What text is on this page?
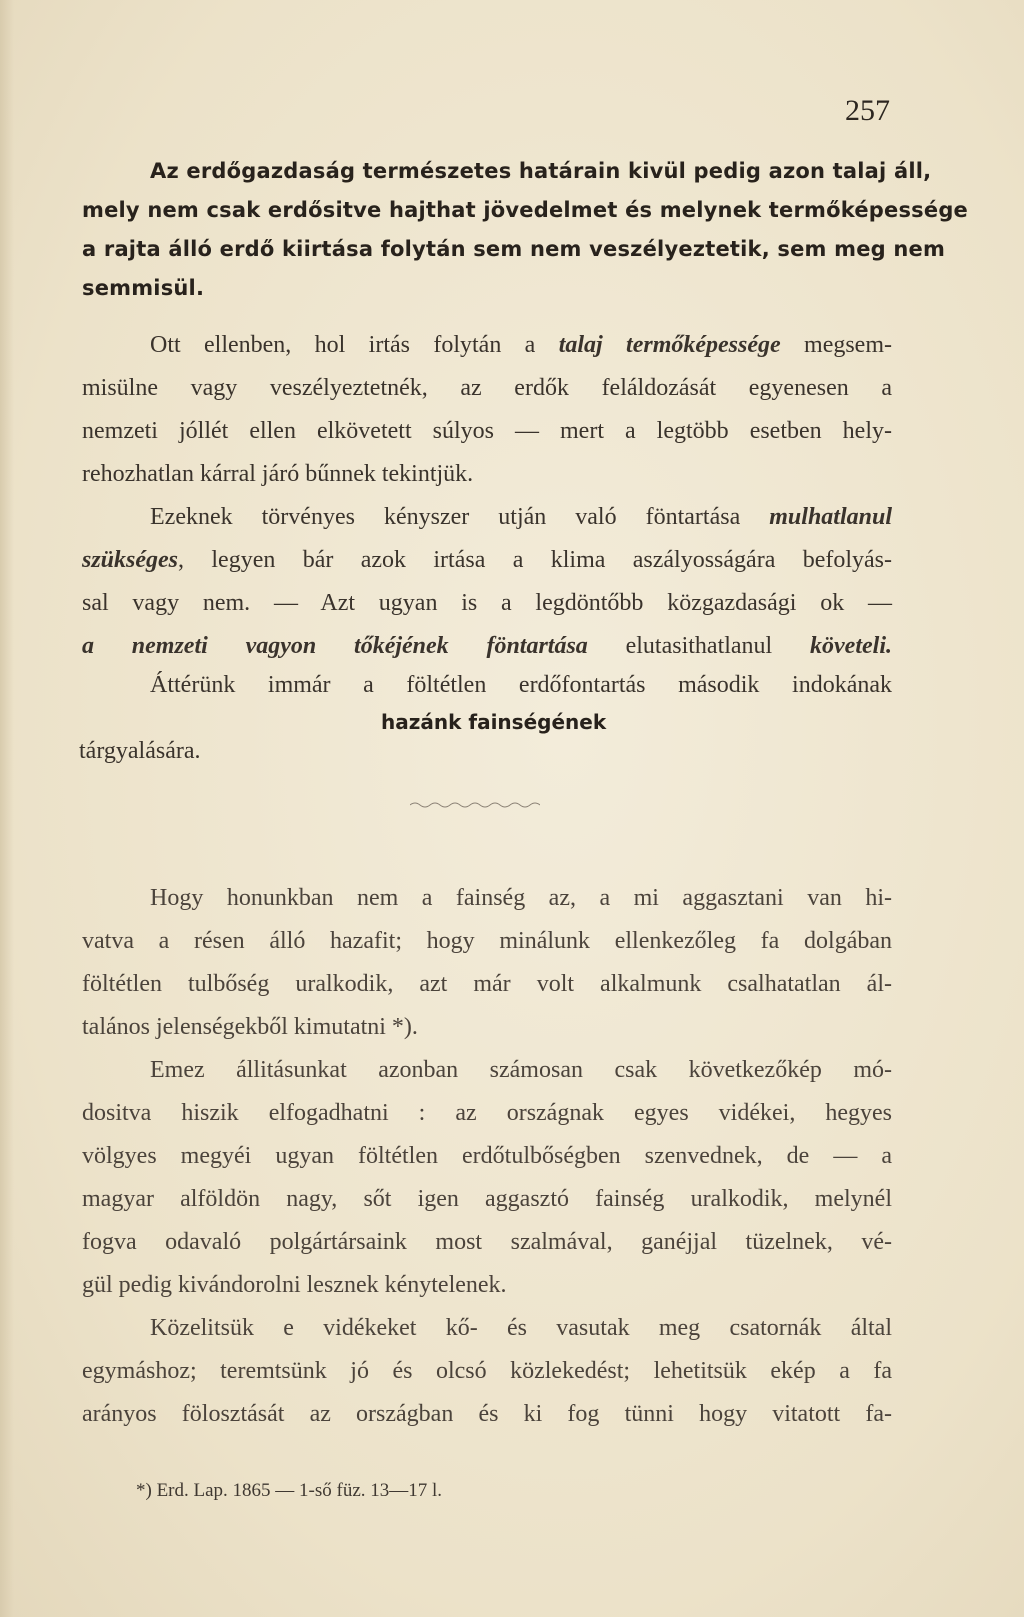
257
Az erdőgazdaság természetes határain kivül pedig azon talaj áll,
mely nem csak erdősitve hajthat jövedelmet és melynek termőképessége
a rajta álló erdő kiirtása folytán sem nem veszélyeztetik, sem meg nem
semmisül.
Ott ellenben, hol irtás folytán a talaj termőképessége megsem-
misülne vagy veszélyeztetnék, az erdők feláldozását egyenesen a
nemzeti jóllét ellen elkövetett súlyos — mert a legtöbb esetben hely-
rehozhatlan kárral járó bűnnek tekintjük.
Ezeknek törvényes kényszer utján való föntartása mulhatlanul
szükséges, legyen bár azok irtása a klima aszályosságára befolyás-
sal vagy nem. — Azt ugyan is a legdöntőbb közgazdasági ok —
a nemzeti vagyon tőkéjének föntartása elutasithatlanul követeli.
Áttérünk immár a föltétlen erdőfontartás második indokának
hazánk fainségének
tárgyalására.
Hogy honunkban nem a fainség az, a mi aggasztani van hi-
vatva a résen álló hazafit; hogy minálunk ellenkezőleg fa dolgában
föltétlen tulbőség uralkodik, azt már volt alkalmunk csalhatatlan ál-
talános jelenségekből kimutatni *).
Emez állitásunkat azonban számosan csak következőkép mó-
dositva hiszik elfogadhatni : az országnak egyes vidékei, hegyes
völgyes megyéi ugyan föltétlen erdőtulbőségben szenvednek, de — a
magyar alföldön nagy, sőt igen aggasztó fainség uralkodik, melynél
fogva odavaló polgártársaink most szalmával, ganéjjal tüzelnek, vé-
gül pedig kivándorolni lesznek kénytelenek.
Közelitsük e vidékeket kő- és vasutak meg csatornák által
egymáshoz; teremtsünk jó és olcsó közlekedést; lehetitsük ekép a fa
arányos fölosztását az országban és ki fog tünni hogy vitatott fa-
*) Erd. Lap. 1865 — 1-ső füz. 13—17 l.
